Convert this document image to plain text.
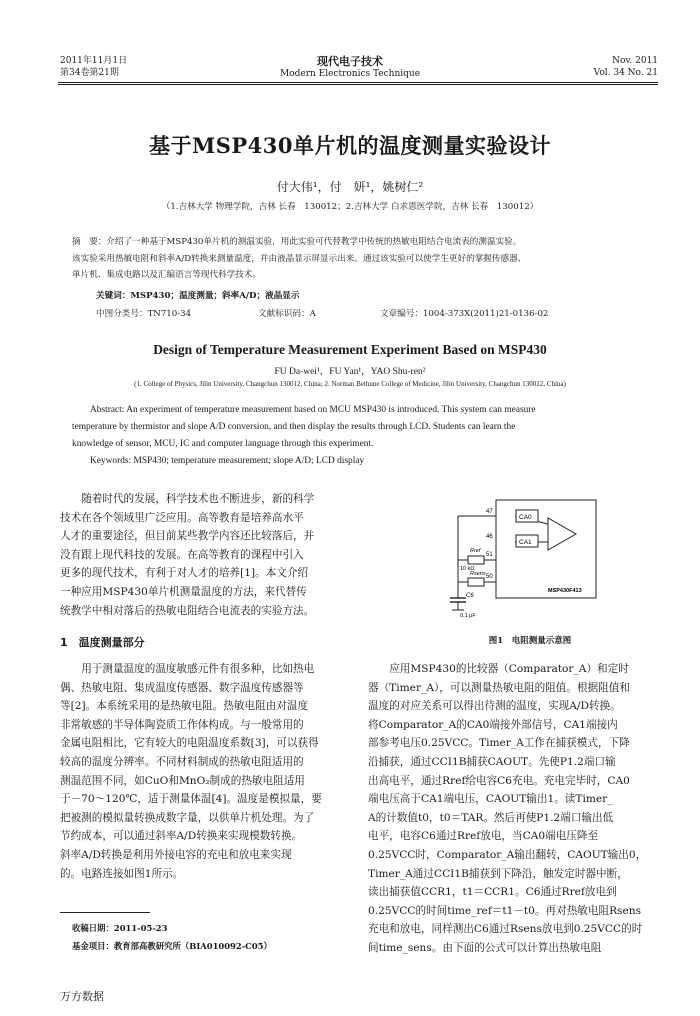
2011年11月1日
第34卷第21期
现代电子技术
Modern Electronics Technique
Nov. 2011
Vol. 34 No. 21
基于MSP430单片机的温度测量实验设计
付大伟¹，付　妍¹，姚树仁²
（1.吉林大学 物理学院，吉林 长春　130012；2.吉林大学 白求恩医学院，吉林 长春　130012）
摘　要：介绍了一种基于MSP430单片机的测温实验，用此实验可代替教学中传统的热敏电阻结合电流表的测温实验。
该实验采用热敏电阻和斜率A/D转换来测量温度，并由液晶显示屏显示出来。通过该实验可以使学生更好的掌握传感器、
单片机、集成电路以及汇编语言等现代科学技术。
关键词：MSP430；温度测量；斜率A/D；液晶显示
中图分类号：TN710-34	文献标识码：A	文章编号：1004-373X(2011)21-0136-02
Design of Temperature Measurement Experiment Based on MSP430
FU Da-wei¹，FU Yan¹，YAO Shu-ren²
(1. College of Physics, Jilin University, Changchun 130012, China; 2. Norman Bethune College of Medicine, Jilin University, Changchun 130012, China)
Abstract: An experiment of temperature measurement based on MCU MSP430 is introduced. This system can measure
temperature by thermistor and slope A/D conversion, and then display the results through LCD. Students can learn the
knowledge of sensor, MCU, IC and computer language through this experiment.
Keywords: MSP430; temperature measurement; slope A/D; LCD display
随着时代的发展，科学技术也不断进步，新的科学
技术在各个领域里广泛应用。高等教育是培养高水平
人才的重要途径，但目前某些教学内容还比较落后，并
没有跟上现代科技的发展。在高等教育的课程中引入
更多的现代技术，有利于对人才的培养[1]。本文介绍
一种应用MSP430单片机测量温度的方法，来代替传
统教学中相对落后的热敏电阻结合电流表的实验方法。
1　温度测量部分
用于测量温度的温度敏感元件有很多种，比如热电
偶、热敏电阻、集成温度传感器、数字温度传感器等
等[2]。本系统采用的是热敏电阻。热敏电阻由对温度
非常敏感的半导体陶瓷质工作体构成。与一般常用的
金属电阻相比，它有较大的电阻温度系数[3]，可以获得
较高的温度分辨率。不同材料制成的热敏电阻适用的
测温范围不同，如CuO和MnO₂制成的热敏电阻适用
于－70～120℃，适于测量体温[4]。温度是模拟量，要
把被测的模拟量转换成数字量，以供单片机处理。为了
节约成本，可以通过斜率A/D转换来实现模数转换。
斜率A/D转换是利用外接电容的充电和放电来实现
的。电路连接如图1所示。
收稿日期：2011-05-23
基金项目：教育部高教研究所（BIA010092-C05）
CA0
CA1
47
46
51
50
Rref
10 kΩ
Rsens
C6
0.1 μF
MSP430F413
图1　电阻测量示意图
应用MSP430的比较器（Comparator_A）和定时
器（Timer_A），可以测量热敏电阻的阻值。根据阻值和
温度的对应关系可以得出待测的温度，实现A/D转换。
将Comparator_A的CA0端接外部信号，CA1端接内
部参考电压0.25VCC。Timer_A工作在捕获模式，下降
沿捕获，通过CCI1B捕获CAOUT。先使P1.2端口输
出高电平，通过Rref给电容C6充电。充电完毕时，CA0
端电压高于CA1端电压，CAOUT输出1。读Timer_
A的计数值t0，t0＝TAR。然后再使P1.2端口输出低
电平，电容C6通过Rref放电，当CA0端电压降至
0.25VCC时，Comparator_A输出翻转，CAOUT输出0，
Timer_A通过CCI1B捕获到下降沿，触发定时器中断，
读出捕获值CCR1，t1＝CCR1。C6通过Rref放电到
0.25VCC的时间time_ref＝t1－t0。再对热敏电阻Rsens
充电和放电，同样测出C6通过Rsens放电到0.25VCC的时
间time_sens。由下面的公式可以计算出热敏电阻
万方数据
